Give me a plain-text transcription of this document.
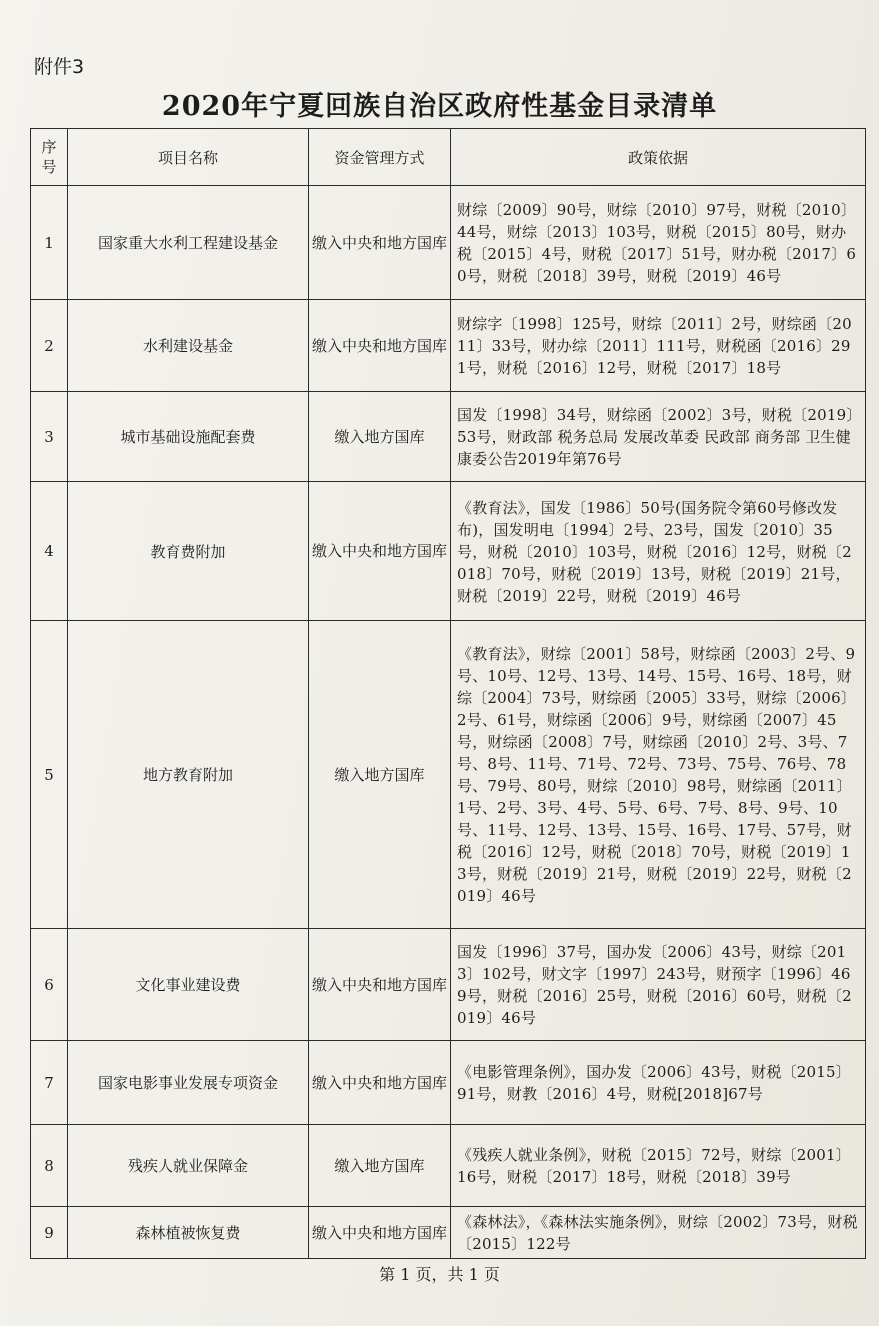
附件3
2020年宁夏回族自治区政府性基金目录清单
序号	项目名称	资金管理方式	政策依据
1	国家重大水利工程建设基金	缴入中央和地方国库	财综〔2009〕90号，财综〔2010〕97号，财税〔2010〕44号，财综〔2013〕103号，财税〔2015〕80号，财办税〔2015〕4号，财税〔2017〕51号，财办税〔2017〕60号，财税〔2018〕39号，财税〔2019〕46号
2	水利建设基金	缴入中央和地方国库	财综字〔1998〕125号，财综〔2011〕2号，财综函〔2011〕33号，财办综〔2011〕111号，财税函〔2016〕291号，财税〔2016〕12号，财税〔2017〕18号
3	城市基础设施配套费	缴入地方国库	国发〔1998〕34号，财综函〔2002〕3号，财税〔2019〕53号，财政部 税务总局 发展改革委 民政部 商务部 卫生健康委公告2019年第76号
4	教育费附加	缴入中央和地方国库	《教育法》，国发〔1986〕50号(国务院令第60号修改发布)，国发明电〔1994〕2号、23号，国发〔2010〕35号，财税〔2010〕103号，财税〔2016〕12号，财税〔2018〕70号，财税〔2019〕13号，财税〔2019〕21号，财税〔2019〕22号，财税〔2019〕46号
5	地方教育附加	缴入地方国库	《教育法》，财综〔2001〕58号，财综函〔2003〕2号、9号、10号、12号、13号、14号、15号、16号、18号，财综〔2004〕73号，财综函〔2005〕33号，财综〔2006〕2号、61号，财综函〔2006〕9号，财综函〔2007〕45号，财综函〔2008〕7号，财综函〔2010〕2号、3号、7号、8号、11号、71号、72号、73号、75号、76号、78号、79号、80号，财综〔2010〕98号，财综函〔2011〕1号、2号、3号、4号、5号、6号、7号、8号、9号、10号、11号、12号、13号、15号、16号、17号、57号，财税〔2016〕12号，财税〔2018〕70号，财税〔2019〕13号，财税〔2019〕21号，财税〔2019〕22号，财税〔2019〕46号
6	文化事业建设费	缴入中央和地方国库	国发〔1996〕37号，国办发〔2006〕43号，财综〔2013〕102号，财文字〔1997〕243号，财预字〔1996〕469号，财税〔2016〕25号，财税〔2016〕60号，财税〔2019〕46号
7	国家电影事业发展专项资金	缴入中央和地方国库	《电影管理条例》，国办发〔2006〕43号，财税〔2015〕91号，财教〔2016〕4号，财税[2018]67号
8	残疾人就业保障金	缴入地方国库	《残疾人就业条例》，财税〔2015〕72号，财综〔2001〕16号，财税〔2017〕18号，财税〔2018〕39号
9	森林植被恢复费	缴入中央和地方国库	《森林法》，《森林法实施条例》，财综〔2002〕73号，财税〔2015〕122号
第 1 页，共 1 页
